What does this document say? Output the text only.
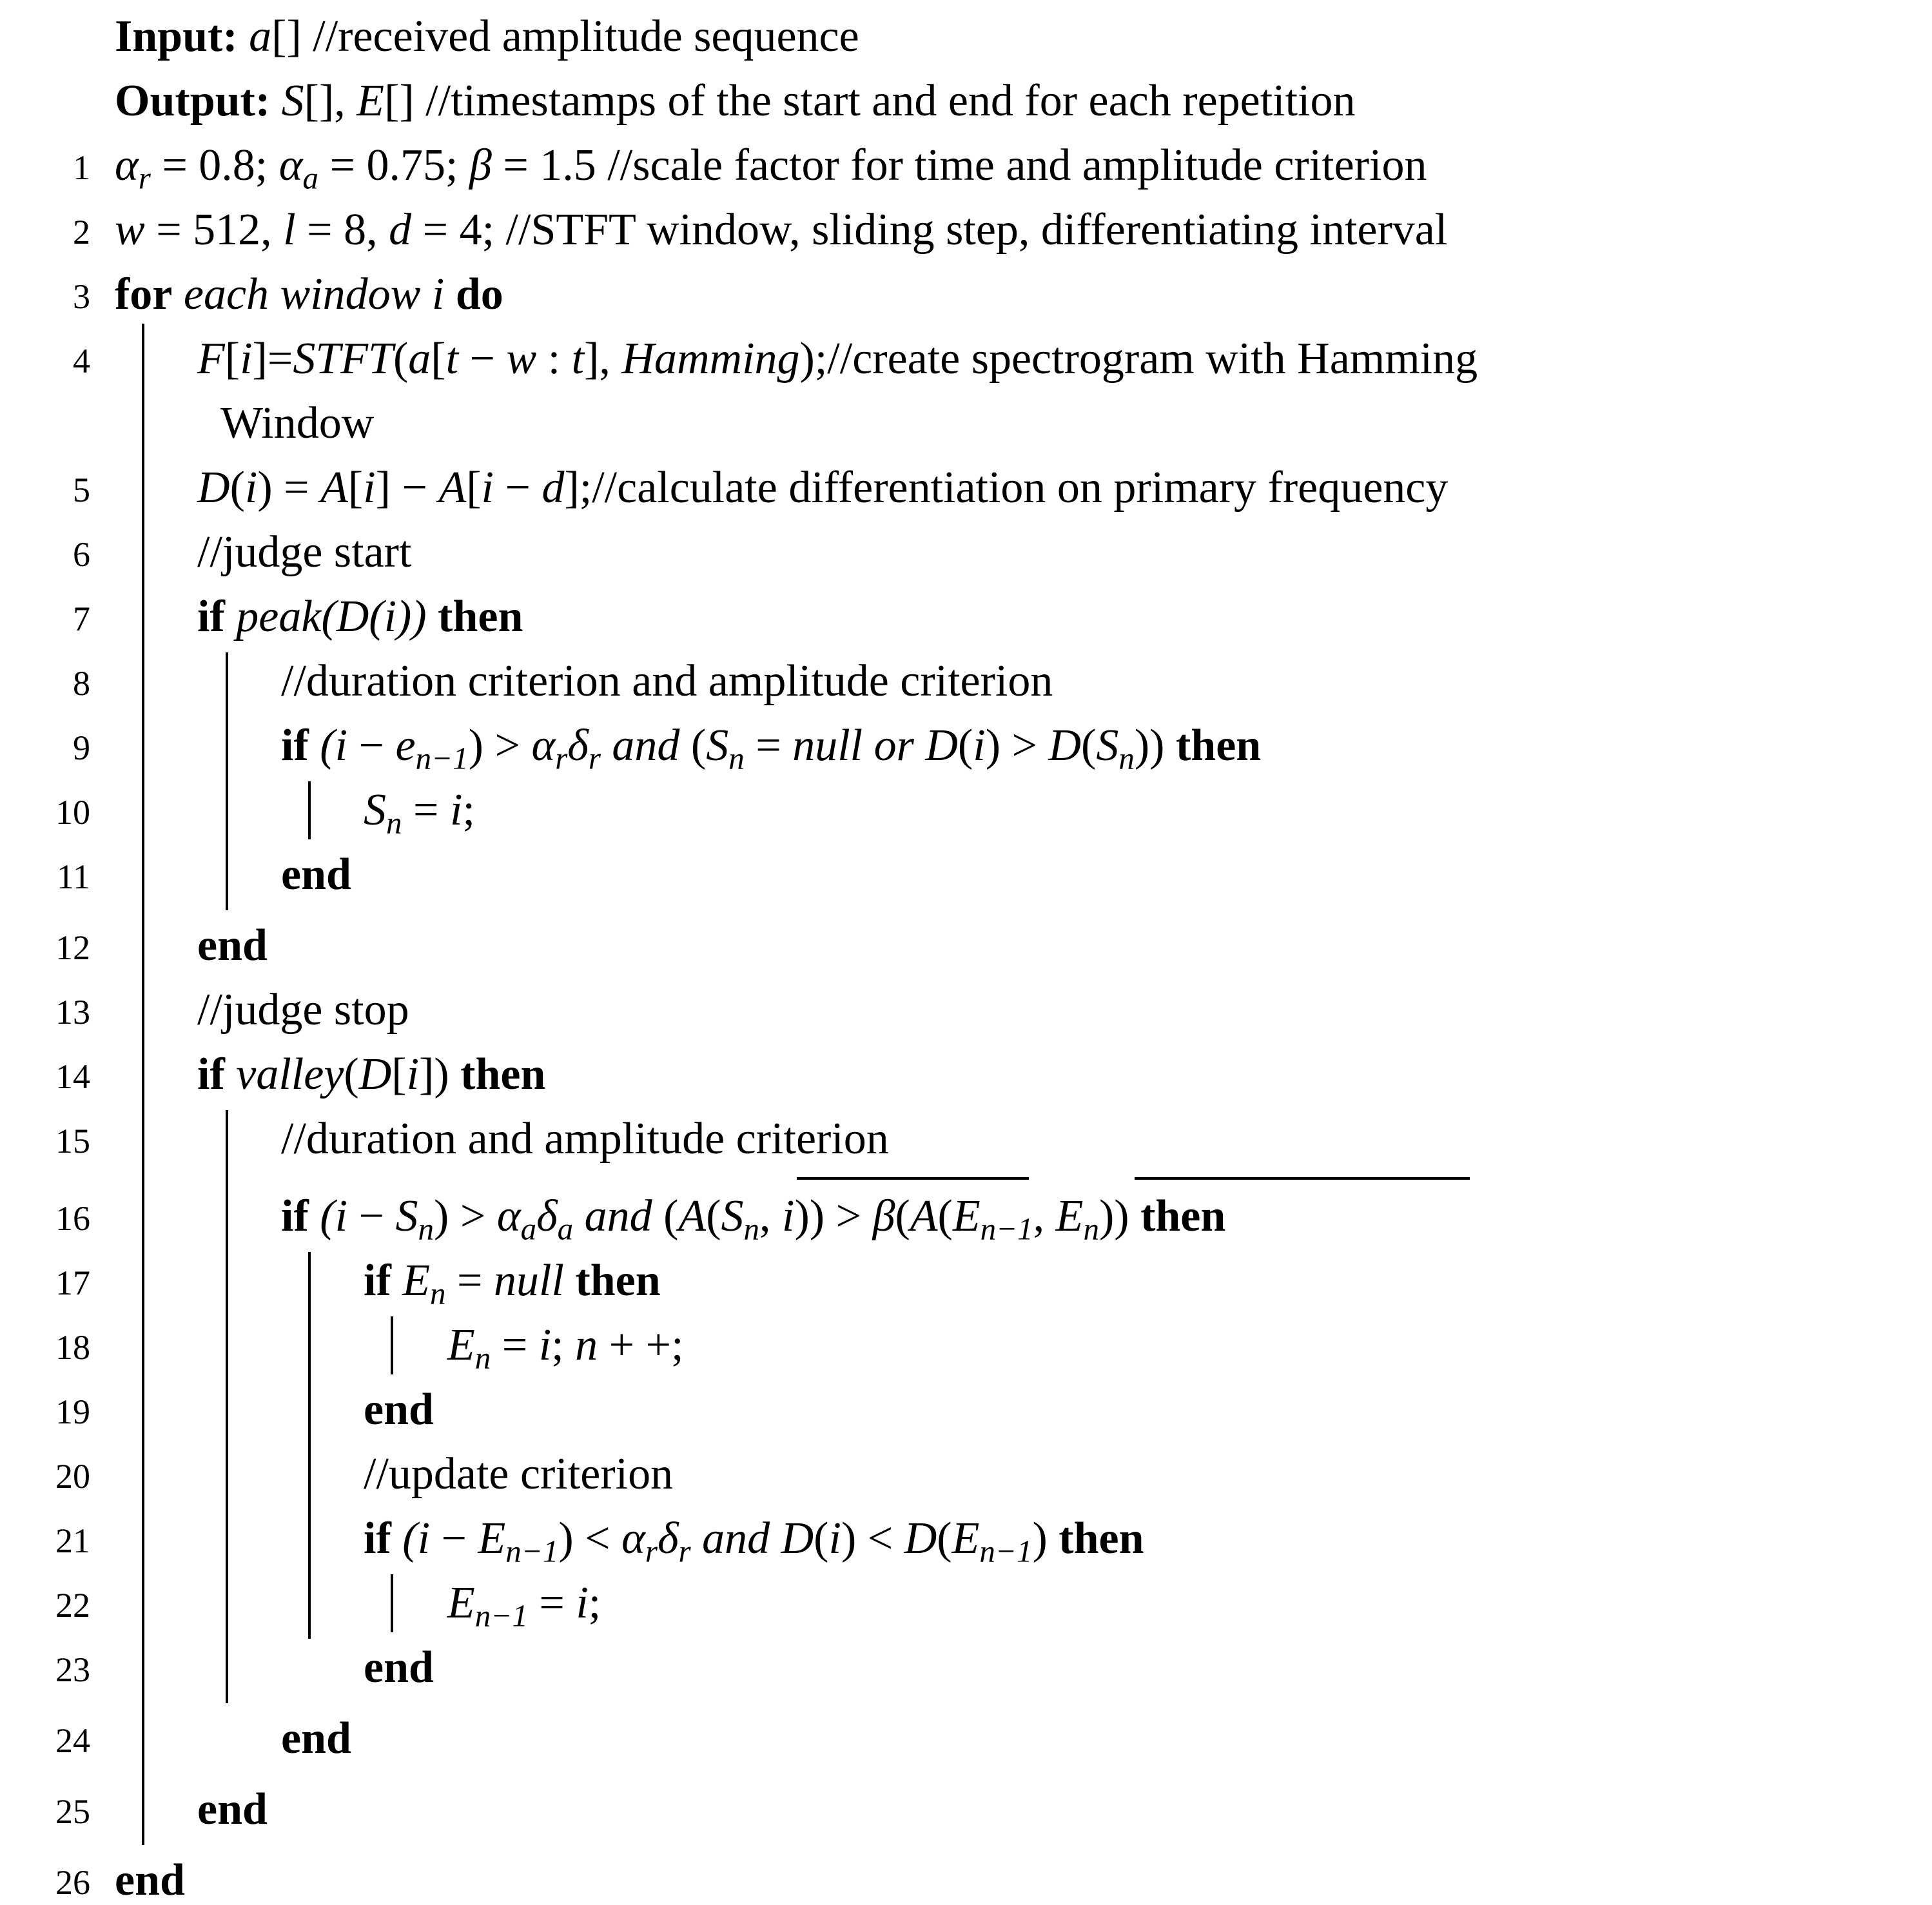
Input: a[] //received amplitude sequence
Output: S[], E[] //timestamps of the start and end for each repetition
1
2
3
4
5
6
7
8
9
10
11
12
13
14
15
16
17
18
19
20
21
22
23
24
25
26
$\alpha_r = 0.8$; $\alpha_a = 0.75$; β = 1.5 //scale factor for time and amplitude criterion
w = 512, l = 8, d = 4; //STFT window, sliding step, differentiating interval
for each window i do
F[i]=STFT(a[t − w : t], Hamming);//create spectrogram with Hamming
Window
D(i) = A[i] − A[i − d];//calculate differentiation on primary frequency
//judge start
if peak(D(i)) then
//duration criterion and amplitude criterion
if $(i - e_{n-1}) > \alpha_r\delta_r$ and ($S_n$ = null or $D(i) > D(S_n)$) then
$S_n = i$;
end
end
//judge stop
if valley(D[i]) then
//duration and amplitude criterion
if $(i - S_n) > \alpha_a\delta_a$ and ($A(S_n$, $i)) > \beta(A(E_{n-1}$, $E_n$)) then
if $E_n$ = null then
$E_n = i$; n + +;
end
//update criterion
if $(i - E_{n-1}) < \alpha_r\delta_r$ and $D(i) < D(E_{n-1})$ then
$E_{n-1} = i$;
end
end
end
end
